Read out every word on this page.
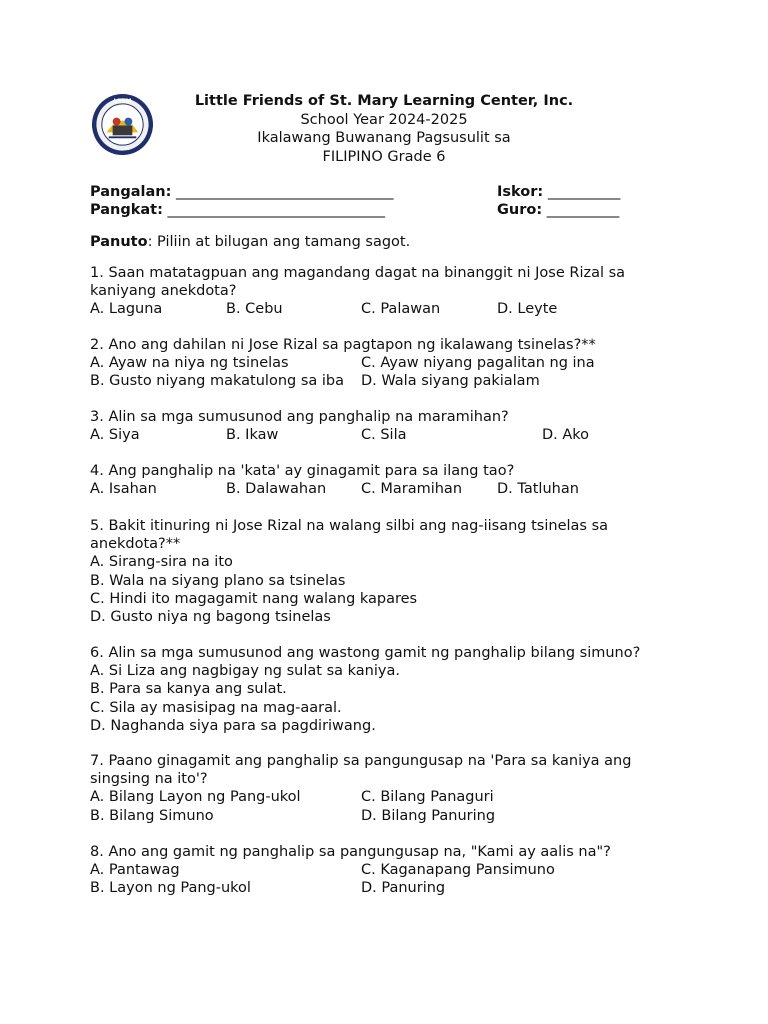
LFSM	Little Friends of St. Mary Learning Center, Inc.
School Year 2024-2025
Ikalawang Buwanang Pagsusulit sa
FILIPINO Grade 6
Pangalan: ______________________________	Iskor: __________
Pangkat: ______________________________	Guro: __________
Panuto: Piliin at bilugan ang tamang sagot.
1. Saan matatagpuan ang magandang dagat na binanggit ni Jose Rizal sa
kaniyang anekdota?
A. Laguna	B. Cebu	C. Palawan	D. Leyte
2. Ano ang dahilan ni Jose Rizal sa pagtapon ng ikalawang tsinelas?**
A. Ayaw na niya ng tsinelas	C. Ayaw niyang pagalitan ng ina
B. Gusto niyang makatulong sa iba D. Wala siyang pakialam
3. Alin sa mga sumusunod ang panghalip na maramihan?
A. Siya	B. Ikaw	C. Sila	D. Ako
4. Ang panghalip na 'kata' ay ginagamit para sa ilang tao?
A. Isahan	B. Dalawahan C. Maramihan D. Tatluhan
5. Bakit itinuring ni Jose Rizal na walang silbi ang nag-iisang tsinelas sa
anekdota?**
A. Sirang-sira na ito
B. Wala na siyang plano sa tsinelas
C. Hindi ito magagamit nang walang kapares
D. Gusto niya ng bagong tsinelas
6. Alin sa mga sumusunod ang wastong gamit ng panghalip bilang simuno?
A. Si Liza ang nagbigay ng sulat sa kaniya.
B. Para sa kanya ang sulat.
C. Sila ay masisipag na mag-aaral.
D. Naghanda siya para sa pagdiriwang.
7. Paano ginagamit ang panghalip sa pangungusap na 'Para sa kaniya ang
singsing na ito'?
A. Bilang Layon ng Pang-ukol	C. Bilang Panaguri
B. Bilang Simuno	D. Bilang Panuring
8. Ano ang gamit ng panghalip sa pangungusap na, "Kami ay aalis na"?
A. Pantawag	C. Kaganapang Pansimuno
B. Layon ng Pang-ukol	D. Panuring
